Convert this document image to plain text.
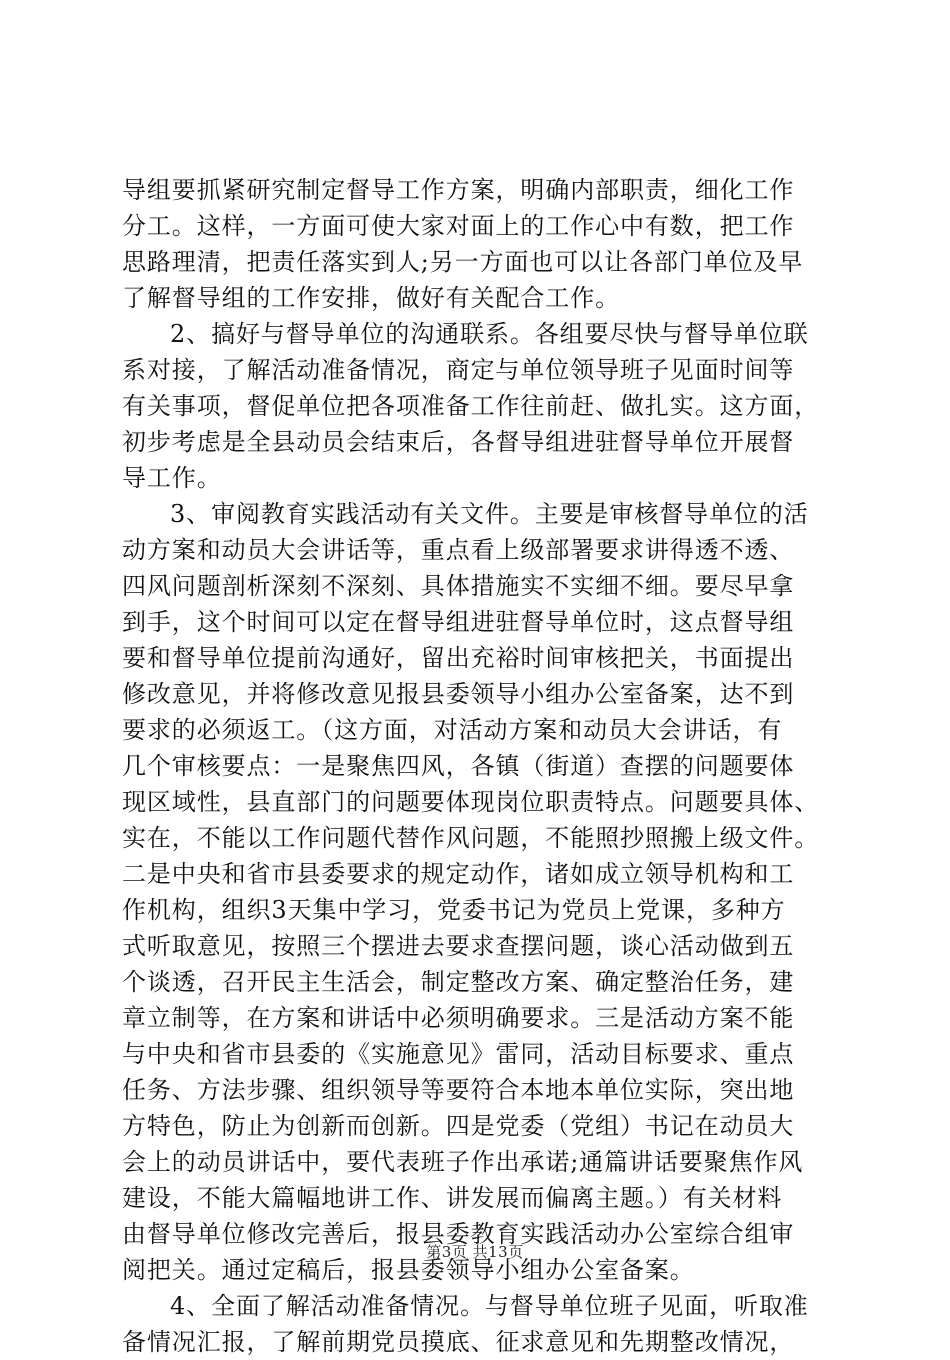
导组要抓紧研究制定督导工作方案，明确内部职责，细化工作
分工。这样，一方面可使大家对面上的工作心中有数，把工作
思路理清，把责任落实到人;另一方面也可以让各部门单位及早
了解督导组的工作安排，做好有关配合工作。
2、搞好与督导单位的沟通联系。各组要尽快与督导单位联
系对接，了解活动准备情况，商定与单位领导班子见面时间等
有关事项，督促单位把各项准备工作往前赶、做扎实。这方面，
初步考虑是全县动员会结束后，各督导组进驻督导单位开展督
导工作。
3、审阅教育实践活动有关文件。主要是审核督导单位的活
动方案和动员大会讲话等，重点看上级部署要求讲得透不透、
四风问题剖析深刻不深刻、具体措施实不实细不细。要尽早拿
到手，这个时间可以定在督导组进驻督导单位时，这点督导组
要和督导单位提前沟通好，留出充裕时间审核把关，书面提出
修改意见，并将修改意见报县委领导小组办公室备案，达不到
要求的必须返工。（这方面，对活动方案和动员大会讲话，有
几个审核要点：一是聚焦四风，各镇（街道）查摆的问题要体
现区域性，县直部门的问题要体现岗位职责特点。问题要具体、
实在，不能以工作问题代替作风问题，不能照抄照搬上级文件。
二是中央和省市县委要求的规定动作，诸如成立领导机构和工
作机构，组织3天集中学习，党委书记为党员上党课，多种方
式听取意见，按照三个摆进去要求查摆问题，谈心活动做到五
个谈透，召开民主生活会，制定整改方案、确定整治任务，建
章立制等，在方案和讲话中必须明确要求。三是活动方案不能
与中央和省市县委的《实施意见》雷同，活动目标要求、重点
任务、方法步骤、组织领导等要符合本地本单位实际，突出地
方特色，防止为创新而创新。四是党委（党组）书记在动员大
会上的动员讲话中，要代表班子作出承诺;通篇讲话要聚焦作风
建设，不能大篇幅地讲工作、讲发展而偏离主题。）有关材料
由督导单位修改完善后，报县委教育实践活动办公室综合组审
阅把关。通过定稿后，报县委领导小组办公室备案。
4、全面了解活动准备情况。与督导单位班子见面，听取准
备情况汇报，了解前期党员摸底、征求意见和先期整改情况，
第3页 共13页
